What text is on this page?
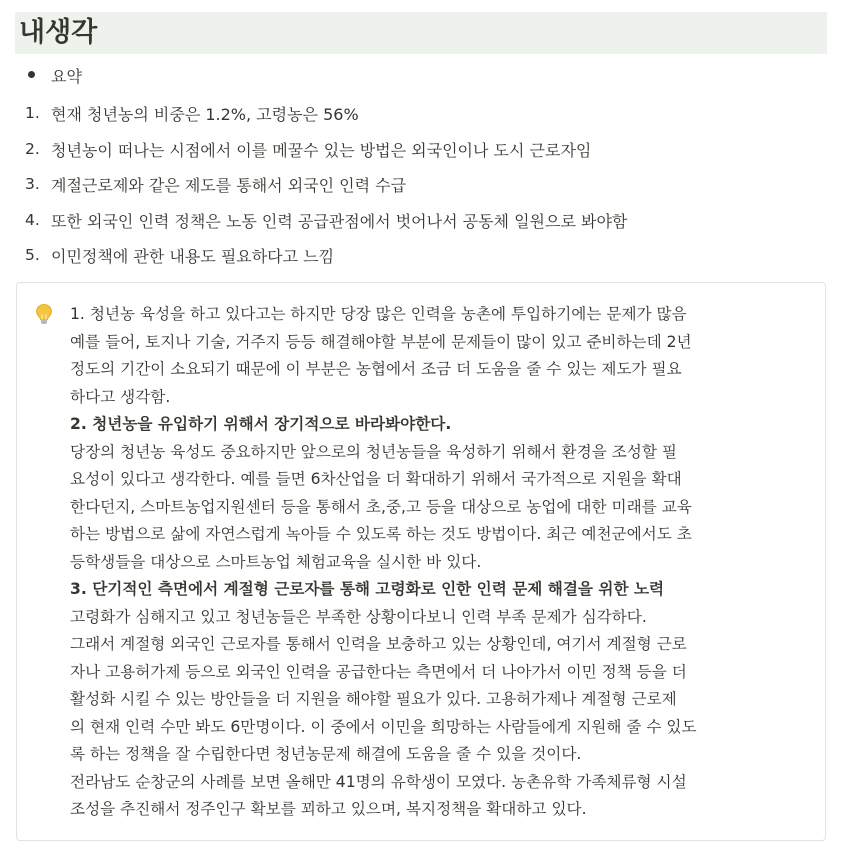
내생각
요약
1. 현재 청년농의 비중은 1.2%, 고령농은 56%
2. 청년농이 떠나는 시점에서 이를 메꿀수 있는 방법은 외국인이나 도시 근로자임
3. 계절근로제와 같은 제도를 통해서 외국인 인력 수급
4. 또한 외국인 인력 정책은 노동 인력 공급관점에서 벗어나서 공동체 일원으로 봐야함
5. 이민정책에 관한 내용도 필요하다고 느낌

1. 청년농 육성을 하고 있다고는 하지만 당장 많은 인력을 농촌에 투입하기에는 문제가 많음

예를 들어, 토지나 기술, 거주지 등등 해결해야할 부분에 문제들이 많이 있고 준비하는데 2년

정도의 기간이 소요되기 때문에 이 부분은 농협에서 조금 더 도움을 줄 수 있는 제도가 필요

하다고 생각함.

2. 청년농을 유입하기 위해서 장기적으로 바라봐야한다.

당장의 청년농 육성도 중요하지만 앞으로의 청년농들을 육성하기 위해서 환경을 조성할 필

요성이 있다고 생각한다. 예를 들면 6차산업을 더 확대하기 위해서 국가적으로 지원을 확대

한다던지, 스마트농업지원센터 등을 통해서 초,중,고 등을 대상으로 농업에 대한 미래를 교육

하는 방법으로 삶에 자연스럽게 녹아들 수 있도록 하는 것도 방법이다. 최근 예천군에서도 초

등학생들을 대상으로 스마트농업 체험교육을 실시한 바 있다.

3. 단기적인 측면에서 계절형 근로자를 통해 고령화로 인한 인력 문제 해결을 위한 노력

고령화가 심해지고 있고 청년농들은 부족한 상황이다보니 인력 부족 문제가 심각하다.

그래서 계절형 외국인 근로자를 통해서 인력을 보충하고 있는 상황인데, 여기서 계절형 근로

자나 고용허가제 등으로 외국인 인력을 공급한다는 측면에서 더 나아가서 이민 정책 등을 더

활성화 시킬 수 있는 방안들을 더 지원을 해야할 필요가 있다. 고용허가제나 계절형 근로제

의 현재 인력 수만 봐도 6만명이다. 이 중에서 이민을 희망하는 사람들에게 지원해 줄 수 있도

록 하는 정책을 잘 수립한다면 청년농문제 해결에 도움을 줄 수 있을 것이다.

전라남도 순창군의 사례를 보면 올해만 41명의 유학생이 모였다. 농촌유학 가족체류형 시설

조성을 추진해서 정주인구 확보를 꾀하고 있으며, 복지정책을 확대하고 있다.
